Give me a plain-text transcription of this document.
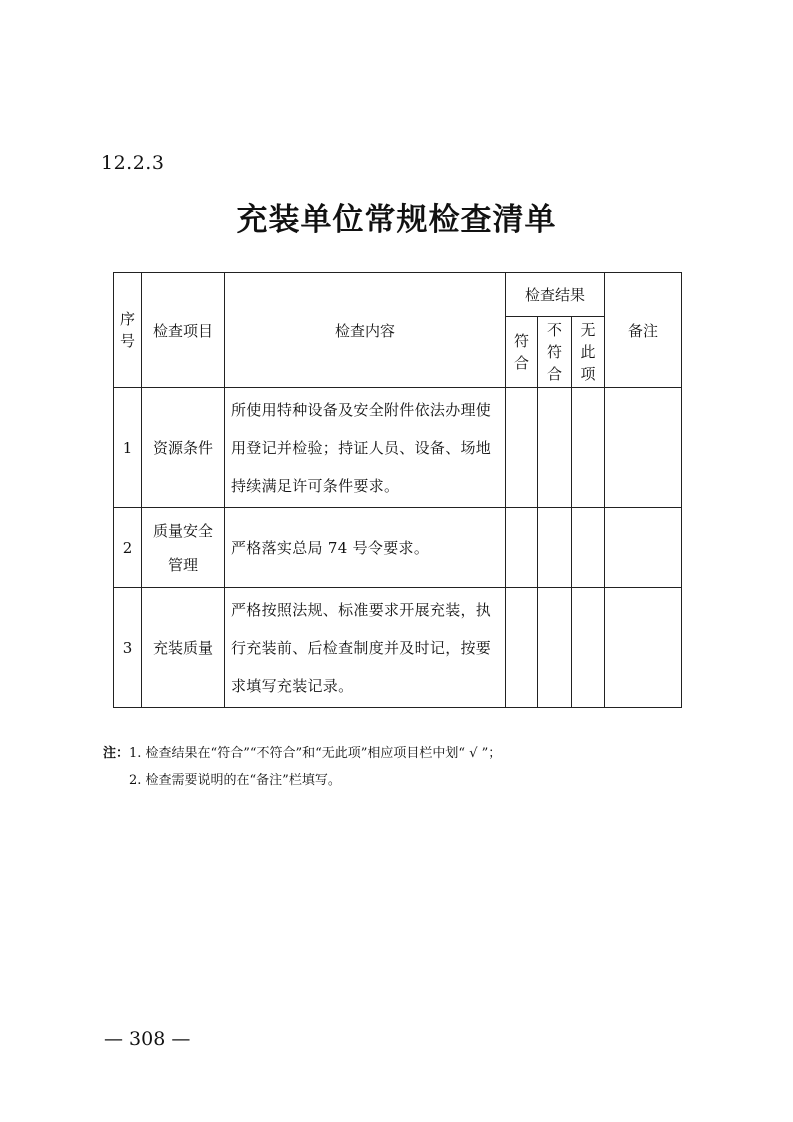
12.2.3
充装单位常规检查清单
序号	检查项目	检查内容	检查结果			备注
			符合	不符合	无此项	
1	资源条件	所使用特种设备及安全附件依法办理使用登记并检验；持证人员、设备、场地持续满足许可条件要求。				
2	质量安全管理	严格落实总局 74 号令要求。				
3	充装质量	严格按照法规、标准要求开展充装，执行充装前、后检查制度并及时记，按要求填写充装记录。				
注：1. 检查结果在“符合”“不符合”和“无此项”相应项目栏中划“ √ ”；
2. 检查需要说明的在“备注”栏填写。
— 308 —
